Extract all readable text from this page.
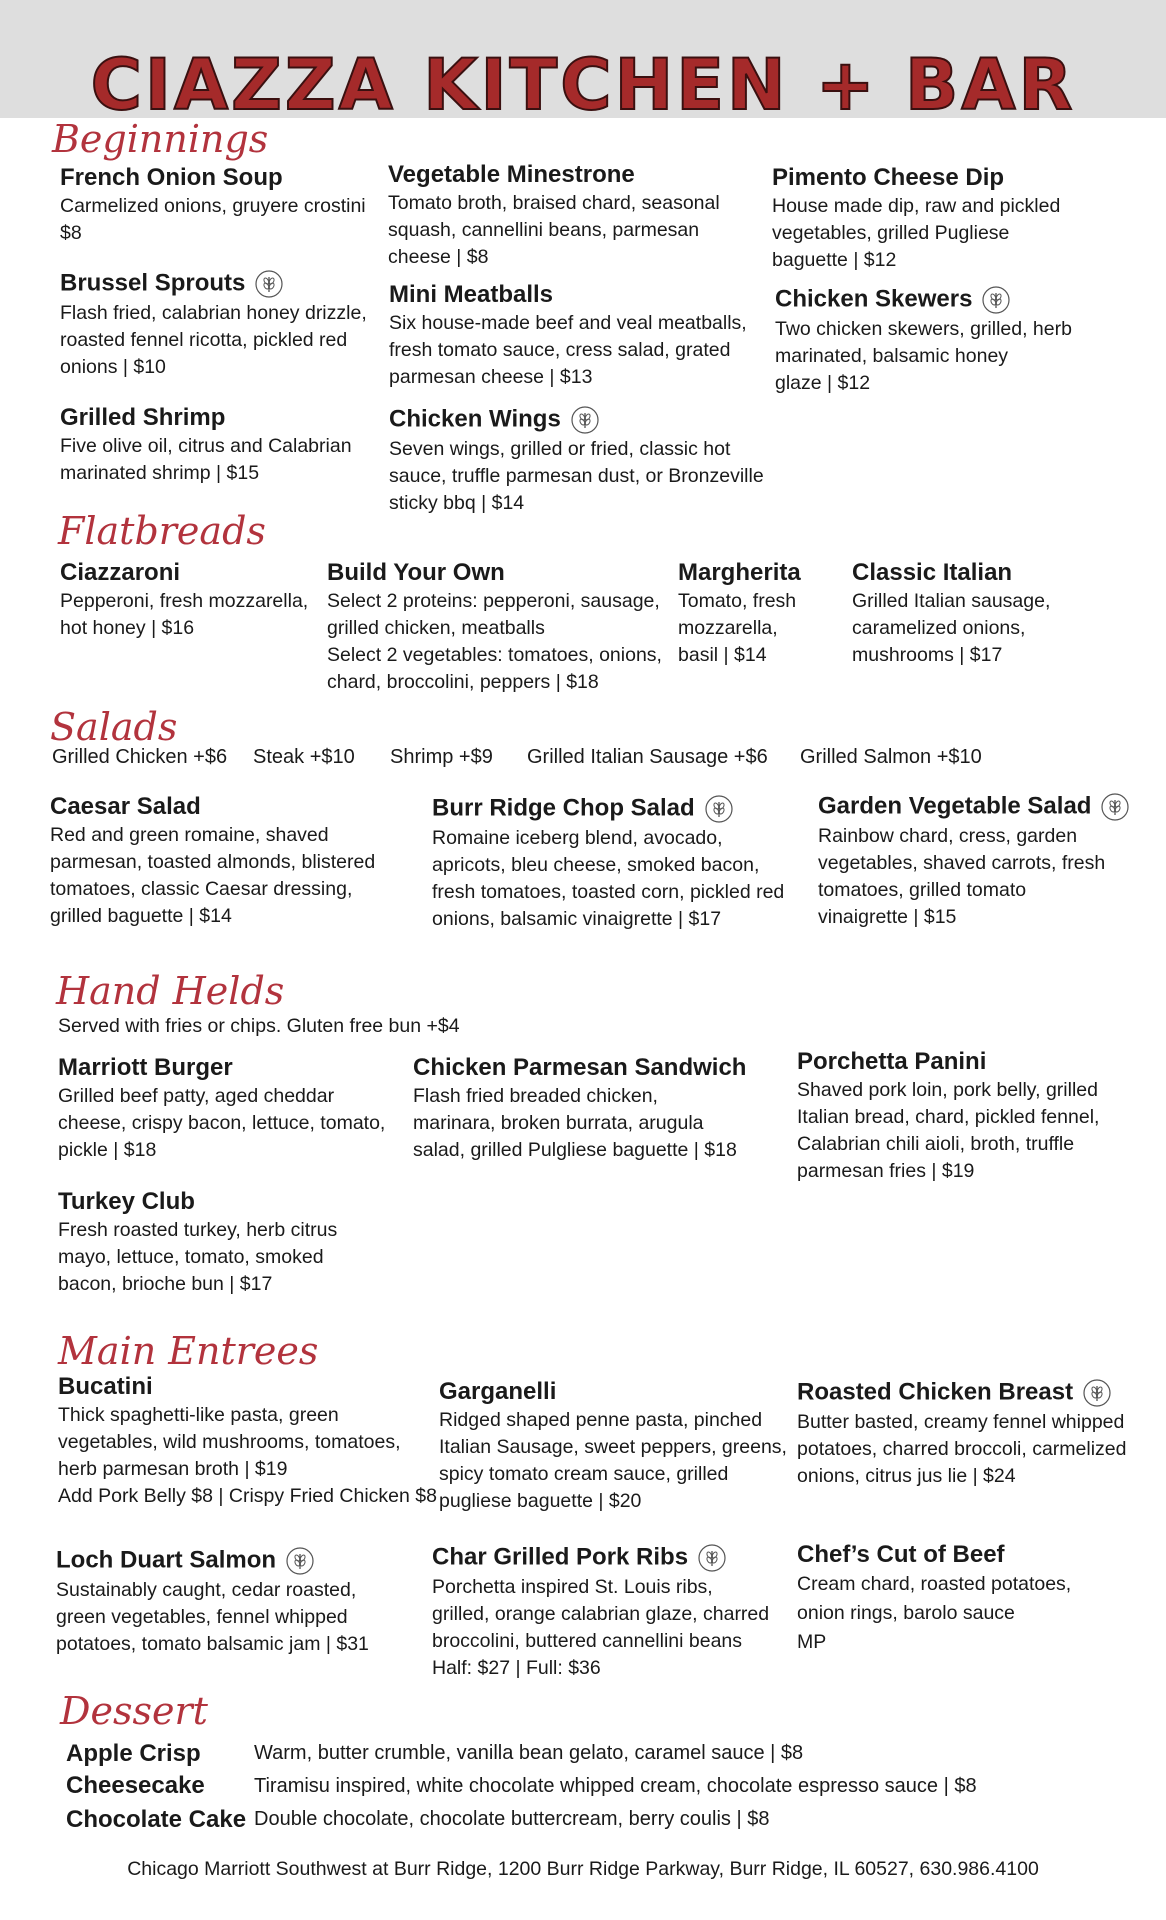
CIAZZA KITCHEN + BAR
Beginnings
French Onion Soup
Carmelized onions, gruyere crostini
$8
Vegetable Minestrone
Tomato broth, braised chard, seasonal
squash, cannellini beans, parmesan
cheese | $8
Pimento Cheese Dip
House made dip, raw and pickled
vegetables, grilled Pugliese
baguette | $12
Brussel Sprouts
Flash fried, calabrian honey drizzle,
roasted fennel ricotta, pickled red
onions | $10
Mini Meatballs
Six house-made beef and veal meatballs,
fresh tomato sauce, cress salad, grated
parmesan cheese | $13
Chicken Skewers
Two chicken skewers, grilled, herb
marinated, balsamic honey
glaze | $12
Grilled Shrimp
Five olive oil, citrus and Calabrian
marinated shrimp | $15
Chicken Wings
Seven wings, grilled or fried, classic hot
sauce, truffle parmesan dust, or Bronzeville
sticky bbq | $14
Flatbreads
Ciazzaroni
Pepperoni, fresh mozzarella,
hot honey | $16
Build Your Own
Select 2 proteins: pepperoni, sausage,
grilled chicken, meatballs
Select 2 vegetables: tomatoes, onions,
chard, broccolini, peppers | $18
Margherita
Tomato, fresh
mozzarella,
basil | $14
Classic Italian
Grilled Italian sausage,
caramelized onions,
mushrooms | $17
Salads
Grilled Chicken +$6 Steak +$10 Shrimp +$9 Grilled Italian Sausage +$6 Grilled Salmon +$10
Caesar Salad
Red and green romaine, shaved
parmesan, toasted almonds, blistered
tomatoes, classic Caesar dressing,
grilled baguette | $14
Burr Ridge Chop Salad
Romaine iceberg blend, avocado,
apricots, bleu cheese, smoked bacon,
fresh tomatoes, toasted corn, pickled red
onions, balsamic vinaigrette | $17
Garden Vegetable Salad
Rainbow chard, cress, garden
vegetables, shaved carrots, fresh
tomatoes, grilled tomato
vinaigrette | $15
Hand Helds
Served with fries or chips. Gluten free bun +$4
Marriott Burger
Grilled beef patty, aged cheddar
cheese, crispy bacon, lettuce, tomato,
pickle | $18
Chicken Parmesan Sandwich
Flash fried breaded chicken,
marinara, broken burrata, arugula
salad, grilled Pulgliese baguette | $18
Porchetta Panini
Shaved pork loin, pork belly, grilled
Italian bread, chard, pickled fennel,
Calabrian chili aioli, broth, truffle
parmesan fries | $19
Turkey Club
Fresh roasted turkey, herb citrus
mayo, lettuce, tomato, smoked
bacon, brioche bun | $17
Main Entrees
Bucatini
Thick spaghetti-like pasta, green
vegetables, wild mushrooms, tomatoes,
herb parmesan broth | $19
Add Pork Belly $8 | Crispy Fried Chicken $8
Garganelli
Ridged shaped penne pasta, pinched
Italian Sausage, sweet peppers, greens,
spicy tomato cream sauce, grilled
pugliese baguette | $20
Roasted Chicken Breast
Butter basted, creamy fennel whipped
potatoes, charred broccoli, carmelized
onions, citrus jus lie | $24
Loch Duart Salmon
Sustainably caught, cedar roasted,
green vegetables, fennel whipped
potatoes, tomato balsamic jam | $31
Char Grilled Pork Ribs
Porchetta inspired St. Louis ribs,
grilled, orange calabrian glaze, charred
broccolini, buttered cannellini beans
Half: $27 | Full: $36
Chef’s Cut of Beef
Cream chard, roasted potatoes,
onion rings, barolo sauce
MP
Dessert
Apple Crisp	Warm, butter crumble, vanilla bean gelato, caramel sauce | $8
Cheesecake Tiramisu inspired, white chocolate whipped cream, chocolate espresso sauce | $8
Chocolate Cake Double chocolate, chocolate buttercream, berry coulis | $8
Chicago Marriott Southwest at Burr Ridge, 1200 Burr Ridge Parkway, Burr Ridge, IL 60527, 630.986.4100
